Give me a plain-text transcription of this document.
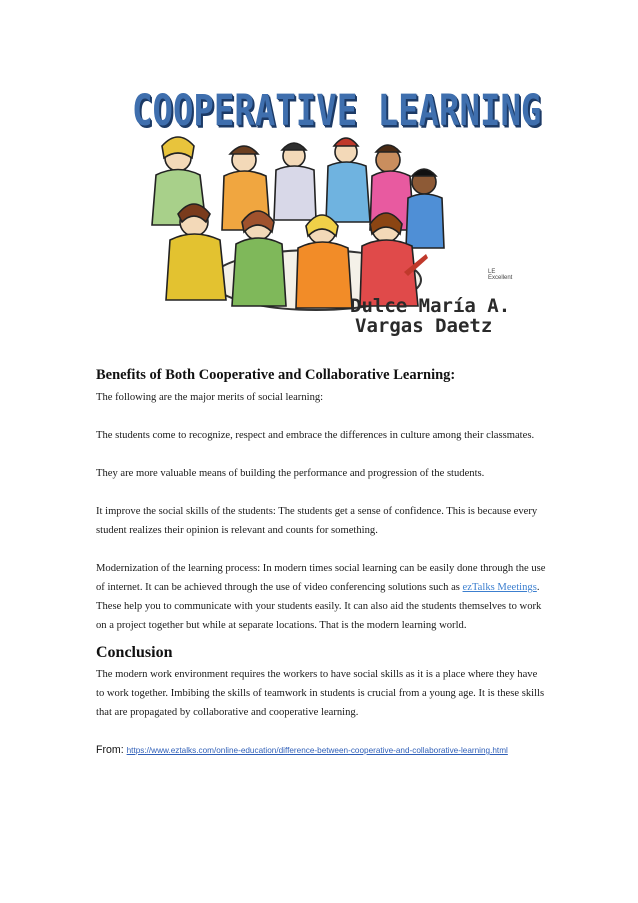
COOPERATIVE LEARNING
LE Excellent
Dulce María A.
Vargas Daetz
Benefits of Both Cooperative and Collaborative Learning:

The following are the major merits of social learning:

The students come to recognize, respect and embrace the differences in culture among their classmates.

They are more valuable means of building the performance and progression of the students.

It improve the social skills of the students: The students get a sense of confidence. This is because every student realizes their opinion is relevant and counts for something.

Modernization of the learning process: In modern times social learning can be easily done through the use of internet. It can be achieved through the use of video conferencing solutions such as ezTalks Meetings. These help you to communicate with your students easily. It can also aid the students themselves to work on a project together but while at separate locations. That is the modern learning world.

Conclusion

The modern work environment requires the workers to have social skills as it is a place where they have to work together. Imbibing the skills of teamwork in students is crucial from a young age. It is these skills that are propagated by collaborative and cooperative learning.

From: https://www.eztalks.com/online-education/difference-between-cooperative-and-collaborative-learning.html
